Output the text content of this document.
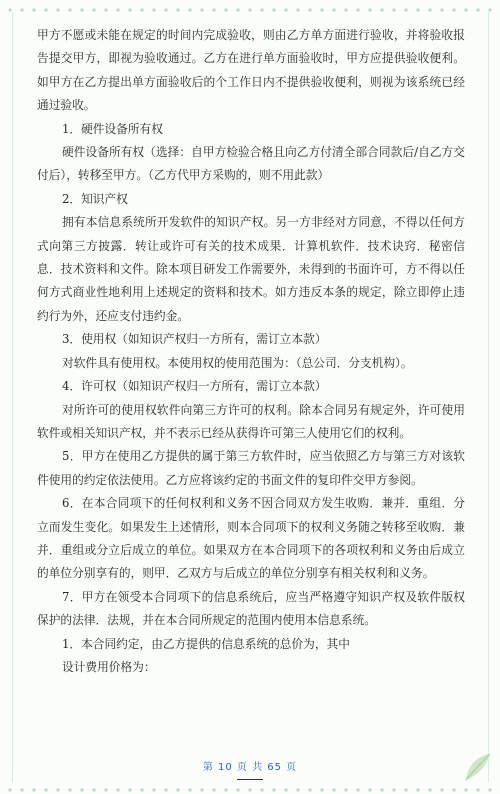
甲方不愿或未能在规定的时间内完成验收，则由乙方单方面进行验收，并将验收报告提交甲方，即视为验收通过。乙方在进行单方面验收时，甲方应提供验收便利。如甲方在乙方提出单方面验收后的个工作日内不提供验收便利，则视为该系统已经通过验收。

1．硬件设备所有权

硬件设备所有权（选择：自甲方检验合格且向乙方付清全部合同款后/自乙方交付后），转移至甲方。（乙方代甲方采购的，则不用此款）

2．知识产权

拥有本信息系统所开发软件的知识产权。另一方非经对方同意，不得以任何方式向第三方披露．转让或许可有关的技术成果．计算机软件．技术诀窍．秘密信息．技术资料和文件。除本项目研发工作需要外，未得到的书面许可，方不得以任何方式商业性地利用上述规定的资料和技术。如方违反本条的规定，除立即停止违约行为外，还应支付违约金。

3．使用权（如知识产权归一方所有，需订立本款）

对软件具有使用权。本使用权的使用范围为：（总公司．分支机构）。

4．许可权（如知识产权归一方所有，需订立本款）

对所许可的使用权软件向第三方许可的权利。除本合同另有规定外，许可使用软件或相关知识产权，并不表示已经从获得许可第三人使用它们的权利。

5．甲方在使用乙方提供的属于第三方软件时，应当依照乙方与第三方对该软件使用的约定依法使用。乙方应将该约定的书面文件的复印件交甲方参阅。

6．在本合同项下的任何权利和义务不因合同双方发生收购．兼并．重组．分立而发生变化。如果发生上述情形，则本合同项下的权利义务随之转移至收购．兼并．重组或分立后成立的单位。如果双方在本合同项下的各项权利和义务由后成立的单位分别享有的，则甲．乙双方与后成立的单位分别享有相关权利和义务。

7．甲方在领受本合同项下的信息系统后，应当严格遵守知识产权及软件版权保护的法律．法规，并在本合同所规定的范围内使用本信息系统。

1．本合同约定，由乙方提供的信息系统的总价为，其中

设计费用价格为：

第 10 页 共 65 页
